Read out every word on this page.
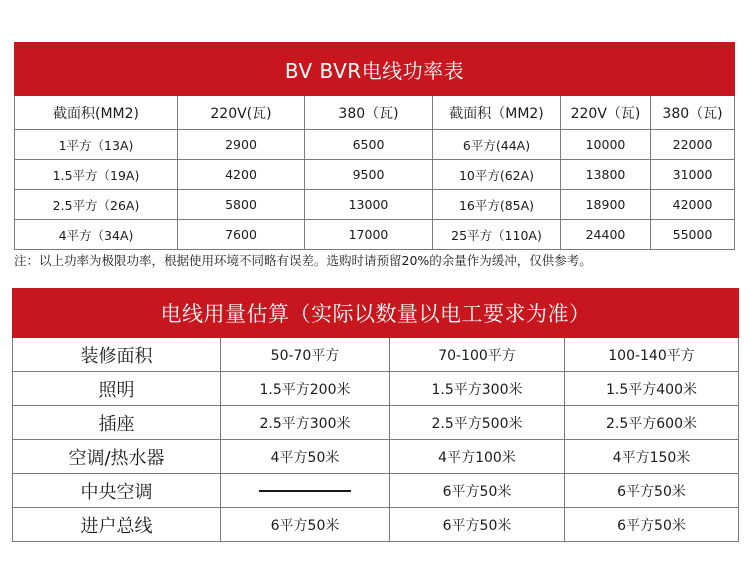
BV BVR电线功率表					
截面积(MM2)	220V(瓦)	380（瓦)	截面积（MM2)	220V（瓦)	380（瓦)
1平方（13A)	2900	6500	6平方(44A)	10000	22000
1.5平方（19A)	4200	9500	10平方(62A)	13800	31000
2.5平方（26A)	5800	13000	16平方(85A)	18900	42000
4平方（34A)	7600	17000	25平方（110A)	24400	55000
注：以上功率为极限功率，根据使用环境不同略有误差。选购时请预留20%的余量作为缓冲，仅供参考。
电线用量估算（实际以数量以电工要求为准）			
装修面积	50-70平方	70-100平方	100-140平方
照明	1.5平方200米	1.5平方300米	1.5平方400米
插座	2.5平方300米	2.5平方500米	2.5平方600米
空调/热水器	4平方50米	4平方100米	4平方150米
中央空调		6平方50米	6平方50米
进户总线	6平方50米	6平方50米	6平方50米
